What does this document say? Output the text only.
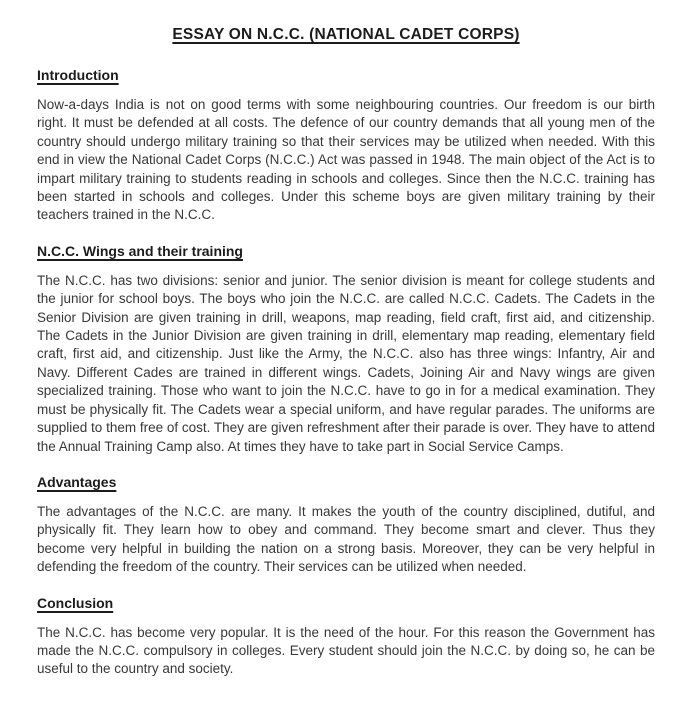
ESSAY ON N.C.C. (NATIONAL CADET CORPS)
Introduction

Now-a-days India is not on good terms with some neighbouring countries. Our freedom is our birth right. It must be defended at all costs. The defence of our country demands that all young men of the country should undergo military training so that their services may be utilized when needed. With this end in view the National Cadet Corps (N.C.C.) Act was passed in 1948. The main object of the Act is to impart military training to students reading in schools and colleges. Since then the N.C.C. training has been started in schools and colleges. Under this scheme boys are given military training by their teachers trained in the N.C.C.

N.C.C. Wings and their training

The N.C.C. has two divisions: senior and junior. The senior division is meant for college students and the junior for school boys. The boys who join the N.C.C. are called N.C.C. Cadets. The Cadets in the Senior Division are given training in drill, weapons, map reading, field craft, first aid, and citizenship. The Cadets in the Junior Division are given training in drill, elementary map reading, elementary field craft, first aid, and citizenship. Just like the Army, the N.C.C. also has three wings: Infantry, Air and Navy. Different Cades are trained in different wings. Cadets, Joining Air and Navy wings are given specialized training. Those who want to join the N.C.C. have to go in for a medical examination. They must be physically fit. The Cadets wear a special uniform, and have regular parades. The uniforms are supplied to them free of cost. They are given refreshment after their parade is over. They have to attend the Annual Training Camp also. At times they have to take part in Social Service Camps.

Advantages

The advantages of the N.C.C. are many. It makes the youth of the country disciplined, dutiful, and physically fit. They learn how to obey and command. They become smart and clever. Thus they become very helpful in building the nation on a strong basis. Moreover, they can be very helpful in defending the freedom of the country. Their services can be utilized when needed.

Conclusion

The N.C.C. has become very popular. It is the need of the hour. For this reason the Government has made the N.C.C. compulsory in colleges. Every student should join the N.C.C. by doing so, he can be useful to the country and society.
